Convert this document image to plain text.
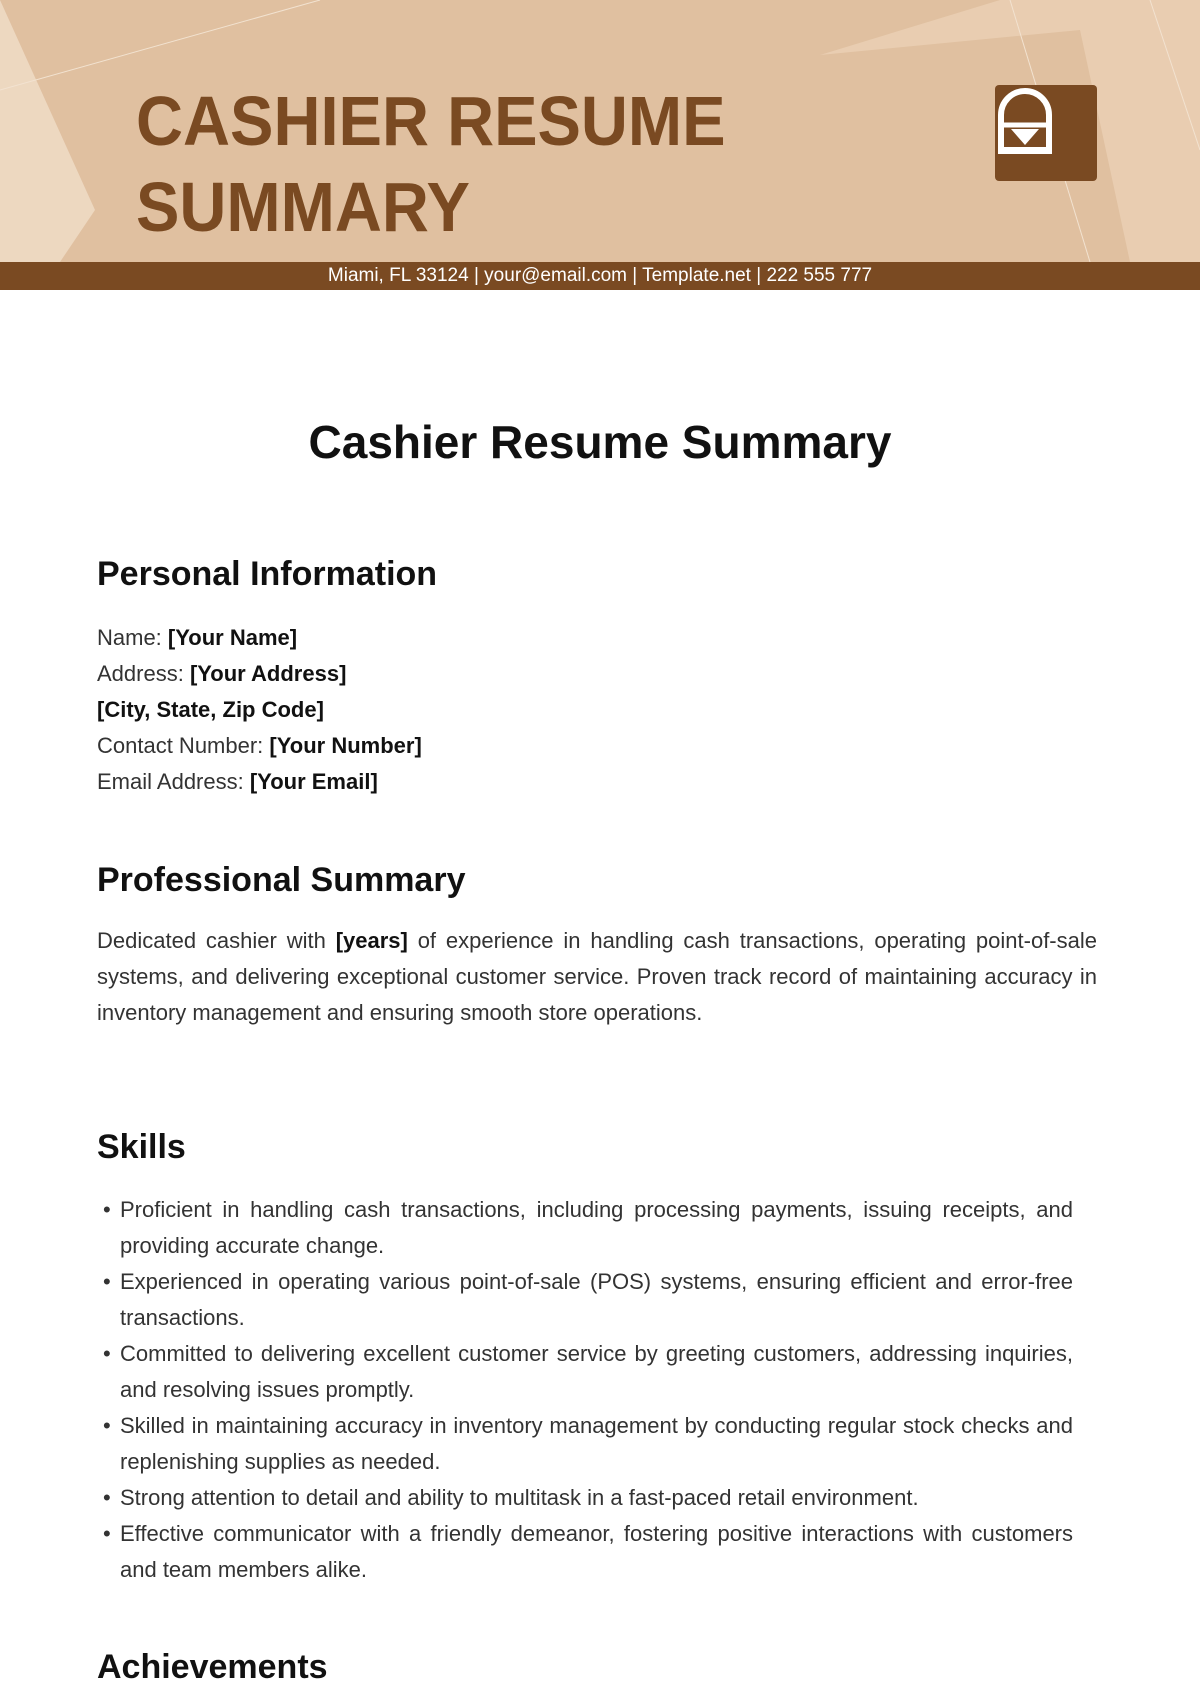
CASHIER RESUME
SUMMARY
Miami, FL 33124 | your@email.com | Template.net | 222 555 777
Cashier Resume Summary
Personal Information
Name: [Your Name]
Address: [Your Address]
[City, State, Zip Code]
Contact Number: [Your Number]
Email Address: [Your Email]
Professional Summary
Dedicated cashier with [years] of experience in handling cash transactions, operating point-of-sale systems, and delivering exceptional customer service. Proven track record of maintaining accuracy in inventory management and ensuring smooth store operations.
Skills
• Proficient in handling cash transactions, including processing payments, issuing receipts, and providing accurate change.
• Experienced in operating various point-of-sale (POS) systems, ensuring efficient and error-free transactions.
• Committed to delivering excellent customer service by greeting customers, addressing inquiries, and resolving issues promptly.
• Skilled in maintaining accuracy in inventory management by conducting regular stock checks and replenishing supplies as needed.
• Strong attention to detail and ability to multitask in a fast-paced retail environment.
• Effective communicator with a friendly demeanor, fostering positive interactions with customers and team members alike.
Achievements
